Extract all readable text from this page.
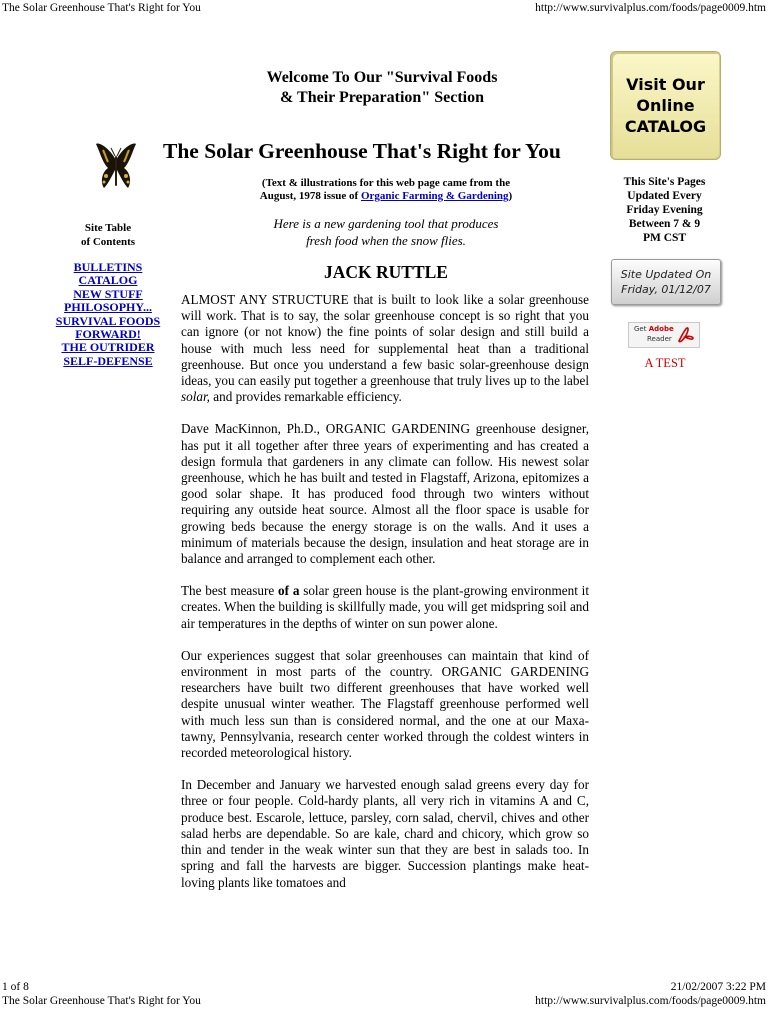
The Solar Greenhouse That's Right for You	http://www.survivalplus.com/foods/page0009.htm
1 of 8	21/02/2007 3:22 PM
The Solar Greenhouse That's Right for You	http://www.survivalplus.com/foods/page0009.htm
Welcome To Our "Survival Foods
& Their Preparation" Section
The Solar Greenhouse That's Right for You
(Text & illustrations for this web page came from the
August, 1978 issue of Organic Farming & Gardening)
Here is a new gardening tool that produces
fresh food when the snow flies.
JACK RUTTLE
Site Table
of Contents
BULLETINS
CATALOG
NEW STUFF
PHILOSOPHY...
SURVIVAL FOODS
FORWARD!
THE OUTRIDER
SELF-DEFENSE

ALMOST ANY STRUCTURE that is built to look like a solar greenhouse will work. That is to say, the solar greenhouse concept is so right that you can ignore (or not know) the fine points of solar design and still build a house with much less need for supplemental heat than a traditional greenhouse. But once you understand a few basic solar-greenhouse design ideas, you can easily put together a greenhouse that truly lives up to the label solar, and provides remarkable efficiency.

Dave MacKinnon, Ph.D., ORGANIC GARDENING greenhouse designer, has put it all together after three years of experimenting and has created a design formula that gardeners in any climate can follow. His newest solar greenhouse, which he has built and tested in Flagstaff, Arizona, epitomizes a good solar shape. It has produced food through two winters without requiring any outside heat source. Almost all the floor space is usable for growing beds because the energy storage is on the walls. And it uses a minimum of materials because the design, insulation and heat storage are in balance and arranged to complement each other.

The best measure of a solar green house is the plant-growing environment it creates. When the building is skillfully made, you will get midspring soil and air temperatures in the depths of winter on sun power alone.

Our experiences suggest that solar greenhouses can maintain that kind of environment in most parts of the country. ORGANIC GARDENING researchers have built two different greenhouses that have worked well despite unusual winter weather. The Flagstaff greenhouse performed well with much less sun than is considered normal, and the one at our Maxa-tawny, Pennsylvania, research center worked through the coldest winters in recorded meteorological history.

In December and January we harvested enough salad greens every day for three or four people. Cold-hardy plants, all very rich in vitamins A and C, produce best. Escarole, lettuce, parsley, corn salad, chervil, chives and other salad herbs are dependable. So are kale, chard and chicory, which grow so thin and tender in the weak winter sun that they are best in salads too. In spring and fall the harvests are bigger. Succession plantings make heat-loving plants like tomatoes and

Visit Our
Online
CATALOG
This Site's Pages
Updated Every
Friday Evening
Between 7 & 9
PM CST
Site Updated On
Friday, 01/12/07
Get Adobe
Reader
A TEST
